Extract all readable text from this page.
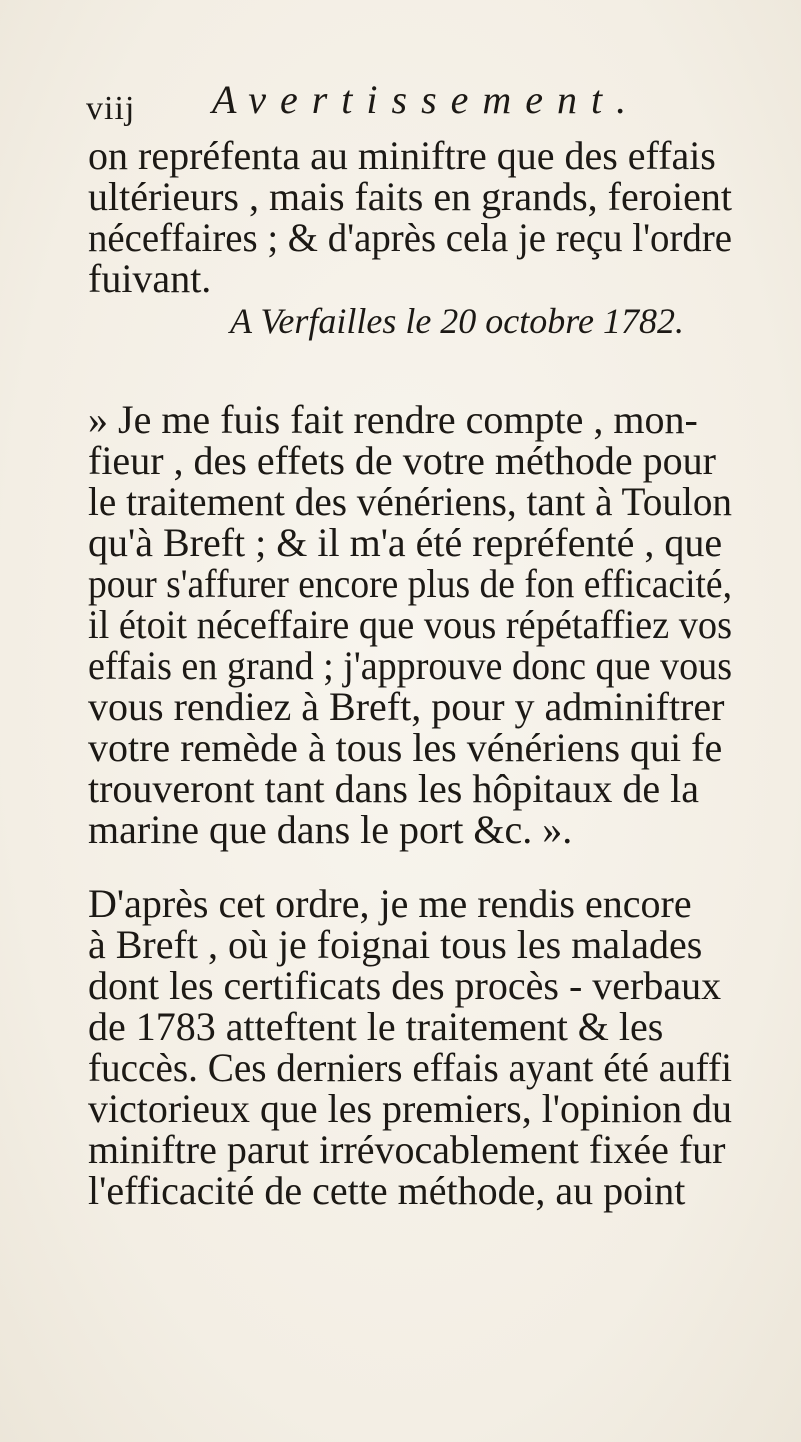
viij Avertissement.
on repréfenta au miniftre que des effais
ultérieurs , mais faits en grands, feroient
néceffaires ; & d'après cela je reçu l'ordre
fuivant.
A Verfailles le 20 octobre 1782.
» Je me fuis fait rendre compte , mon-
fieur , des effets de votre méthode pour
le traitement des vénériens, tant à Toulon
qu'à Breft ; & il m'a été repréfenté , que
pour s'affurer encore plus de fon efficacité,
il étoit néceffaire que vous répétaffiez vos
effais en grand ; j'approuve donc que vous
vous rendiez à Breft, pour y adminiftrer
votre remède à tous les vénériens qui fe
trouveront tant dans les hôpitaux de la
marine que dans le port &c. ».
D'après cet ordre, je me rendis encore
à Breft , où je foignai tous les malades
dont les certificats des procès - verbaux
de 1783 atteftent le traitement & les
fuccès. Ces derniers effais ayant été auffi
victorieux que les premiers, l'opinion du
miniftre parut irrévocablement fixée fur
l'efficacité de cette méthode, au point
